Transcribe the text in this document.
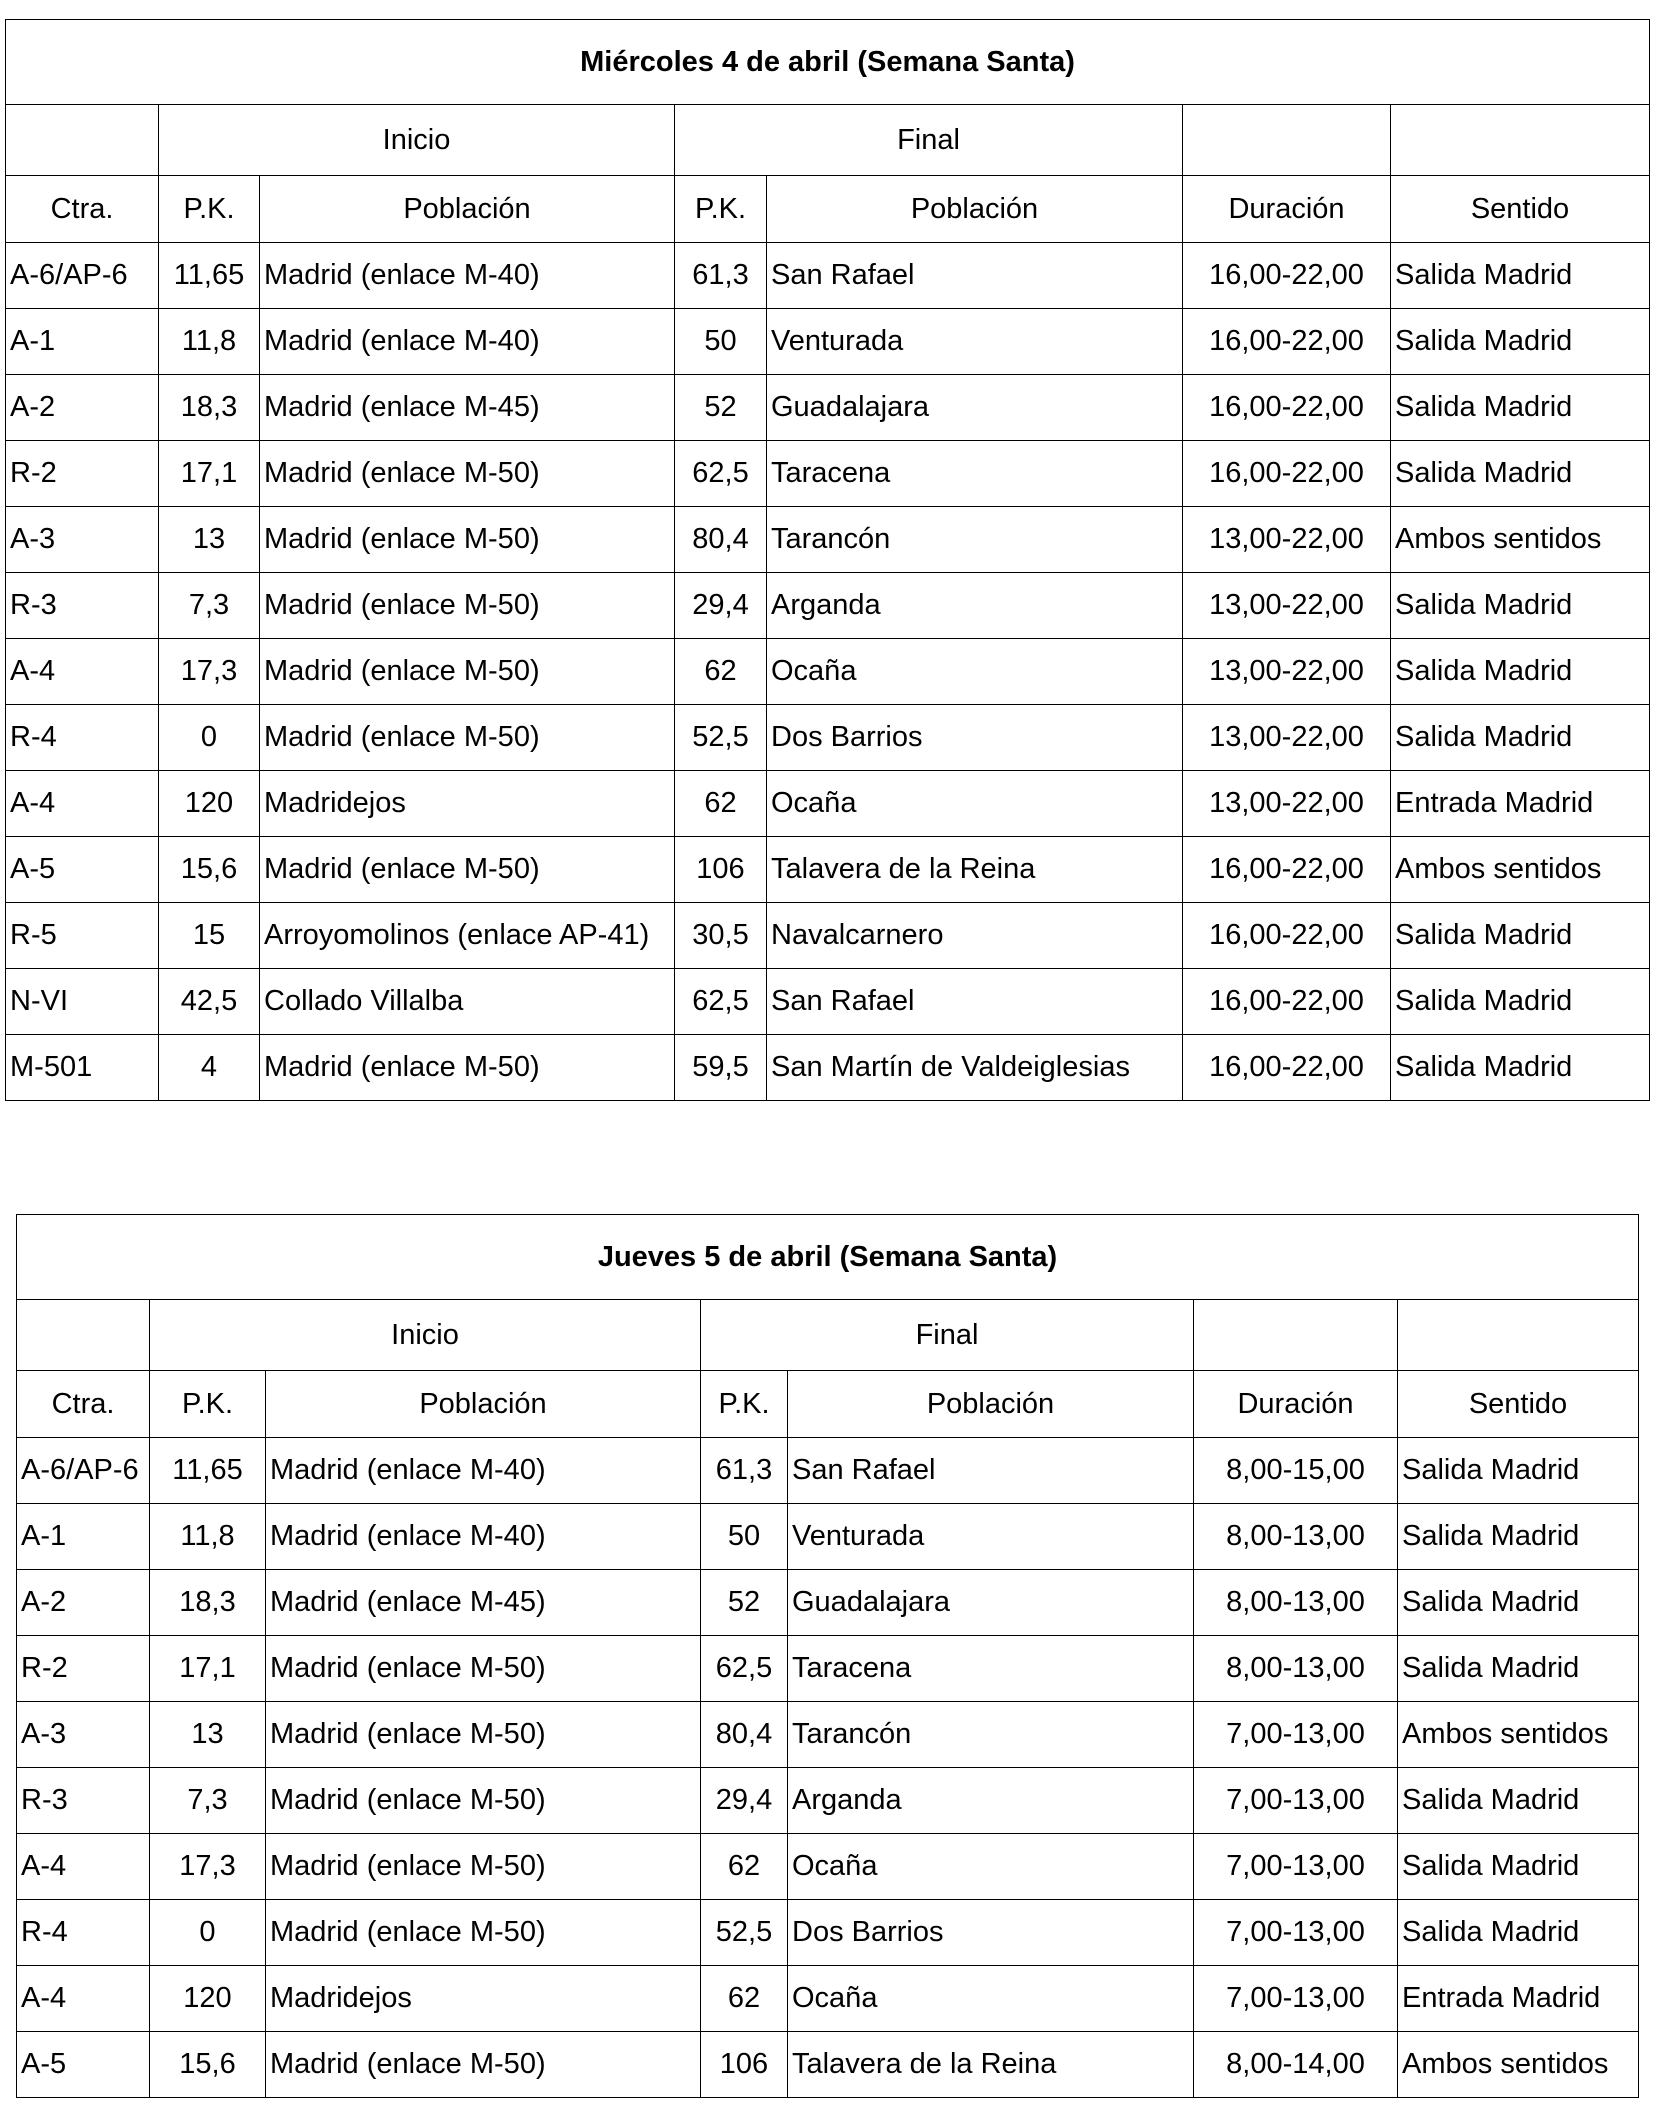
Miércoles 4 de abril (Semana Santa)						
	Inicio		Final			
Ctra.	P.K.	Población	P.K.	Población	Duración	Sentido
A-6/AP-6	11,65	Madrid (enlace M-40)	61,3	San Rafael	16,00-22,00	Salida Madrid
A-1	11,8	Madrid (enlace M-40)	50	Venturada	16,00-22,00	Salida Madrid
A-2	18,3	Madrid (enlace M-45)	52	Guadalajara	16,00-22,00	Salida Madrid
R-2	17,1	Madrid (enlace M-50)	62,5	Taracena	16,00-22,00	Salida Madrid
A-3	13	Madrid (enlace M-50)	80,4	Tarancón	13,00-22,00	Ambos sentidos
R-3	7,3	Madrid (enlace M-50)	29,4	Arganda	13,00-22,00	Salida Madrid
A-4	17,3	Madrid (enlace M-50)	62	Ocaña	13,00-22,00	Salida Madrid
R-4	0	Madrid (enlace M-50)	52,5	Dos Barrios	13,00-22,00	Salida Madrid
A-4	120	Madridejos	62	Ocaña	13,00-22,00	Entrada Madrid
A-5	15,6	Madrid (enlace M-50)	106	Talavera de la Reina	16,00-22,00	Ambos sentidos
R-5	15	Arroyomolinos (enlace AP-41)	30,5	Navalcarnero	16,00-22,00	Salida Madrid
N-VI	42,5	Collado Villalba	62,5	San Rafael	16,00-22,00	Salida Madrid
M-501	4	Madrid (enlace M-50)	59,5	San Martín de Valdeiglesias	16,00-22,00	Salida Madrid
Jueves 5 de abril (Semana Santa)						
	Inicio		Final			
Ctra.	P.K.	Población	P.K.	Población	Duración	Sentido
A-6/AP-6	11,65	Madrid (enlace M-40)	61,3	San Rafael	8,00-15,00	Salida Madrid
A-1	11,8	Madrid (enlace M-40)	50	Venturada	8,00-13,00	Salida Madrid
A-2	18,3	Madrid (enlace M-45)	52	Guadalajara	8,00-13,00	Salida Madrid
R-2	17,1	Madrid (enlace M-50)	62,5	Taracena	8,00-13,00	Salida Madrid
A-3	13	Madrid (enlace M-50)	80,4	Tarancón	7,00-13,00	Ambos sentidos
R-3	7,3	Madrid (enlace M-50)	29,4	Arganda	7,00-13,00	Salida Madrid
A-4	17,3	Madrid (enlace M-50)	62	Ocaña	7,00-13,00	Salida Madrid
R-4	0	Madrid (enlace M-50)	52,5	Dos Barrios	7,00-13,00	Salida Madrid
A-4	120	Madridejos	62	Ocaña	7,00-13,00	Entrada Madrid
A-5	15,6	Madrid (enlace M-50)	106	Talavera de la Reina	8,00-14,00	Ambos sentidos
